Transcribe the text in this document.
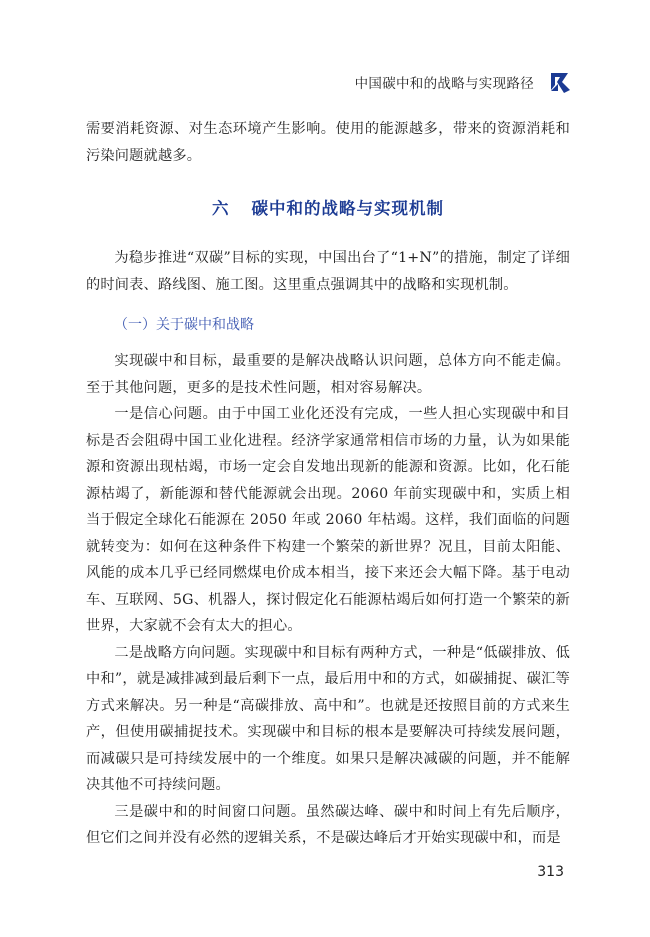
中国碳中和的战略与实现路径

需要消耗资源、对生态环境产生影响。使用的能源越多，带来的资源消耗和污染问题就越多。

六 碳中和的战略与实现机制

为稳步推进“双碳”目标的实现，中国出台了“1+N”的措施，制定了详细的时间表、路线图、施工图。这里重点强调其中的战略和实现机制。

（一）关于碳中和战略

实现碳中和目标，最重要的是解决战略认识问题，总体方向不能走偏。至于其他问题，更多的是技术性问题，相对容易解决。

一是信心问题。由于中国工业化还没有完成，一些人担心实现碳中和目标是否会阻碍中国工业化进程。经济学家通常相信市场的力量，认为如果能源和资源出现枯竭，市场一定会自发地出现新的能源和资源。比如，化石能源枯竭了，新能源和替代能源就会出现。2060 年前实现碳中和，实质上相当于假定全球化石能源在 2050 年或 2060 年枯竭。这样，我们面临的问题就转变为：如何在这种条件下构建一个繁荣的新世界？况且，目前太阳能、风能的成本几乎已经同燃煤电价成本相当，接下来还会大幅下降。基于电动车、互联网、5G、机器人，探讨假定化石能源枯竭后如何打造一个繁荣的新世界，大家就不会有太大的担心。

二是战略方向问题。实现碳中和目标有两种方式，一种是“低碳排放、低中和”，就是减排减到最后剩下一点，最后用中和的方式，如碳捕捉、碳汇等方式来解决。另一种是“高碳排放、高中和”。也就是还按照目前的方式来生产，但使用碳捕捉技术。实现碳中和目标的根本是要解决可持续发展问题，而减碳只是可持续发展中的一个维度。如果只是解决减碳的问题，并不能解决其他不可持续问题。

三是碳中和的时间窗口问题。虽然碳达峰、碳中和时间上有先后顺序，但它们之间并没有必然的逻辑关系，不是碳达峰后才开始实现碳中和，而是

313
